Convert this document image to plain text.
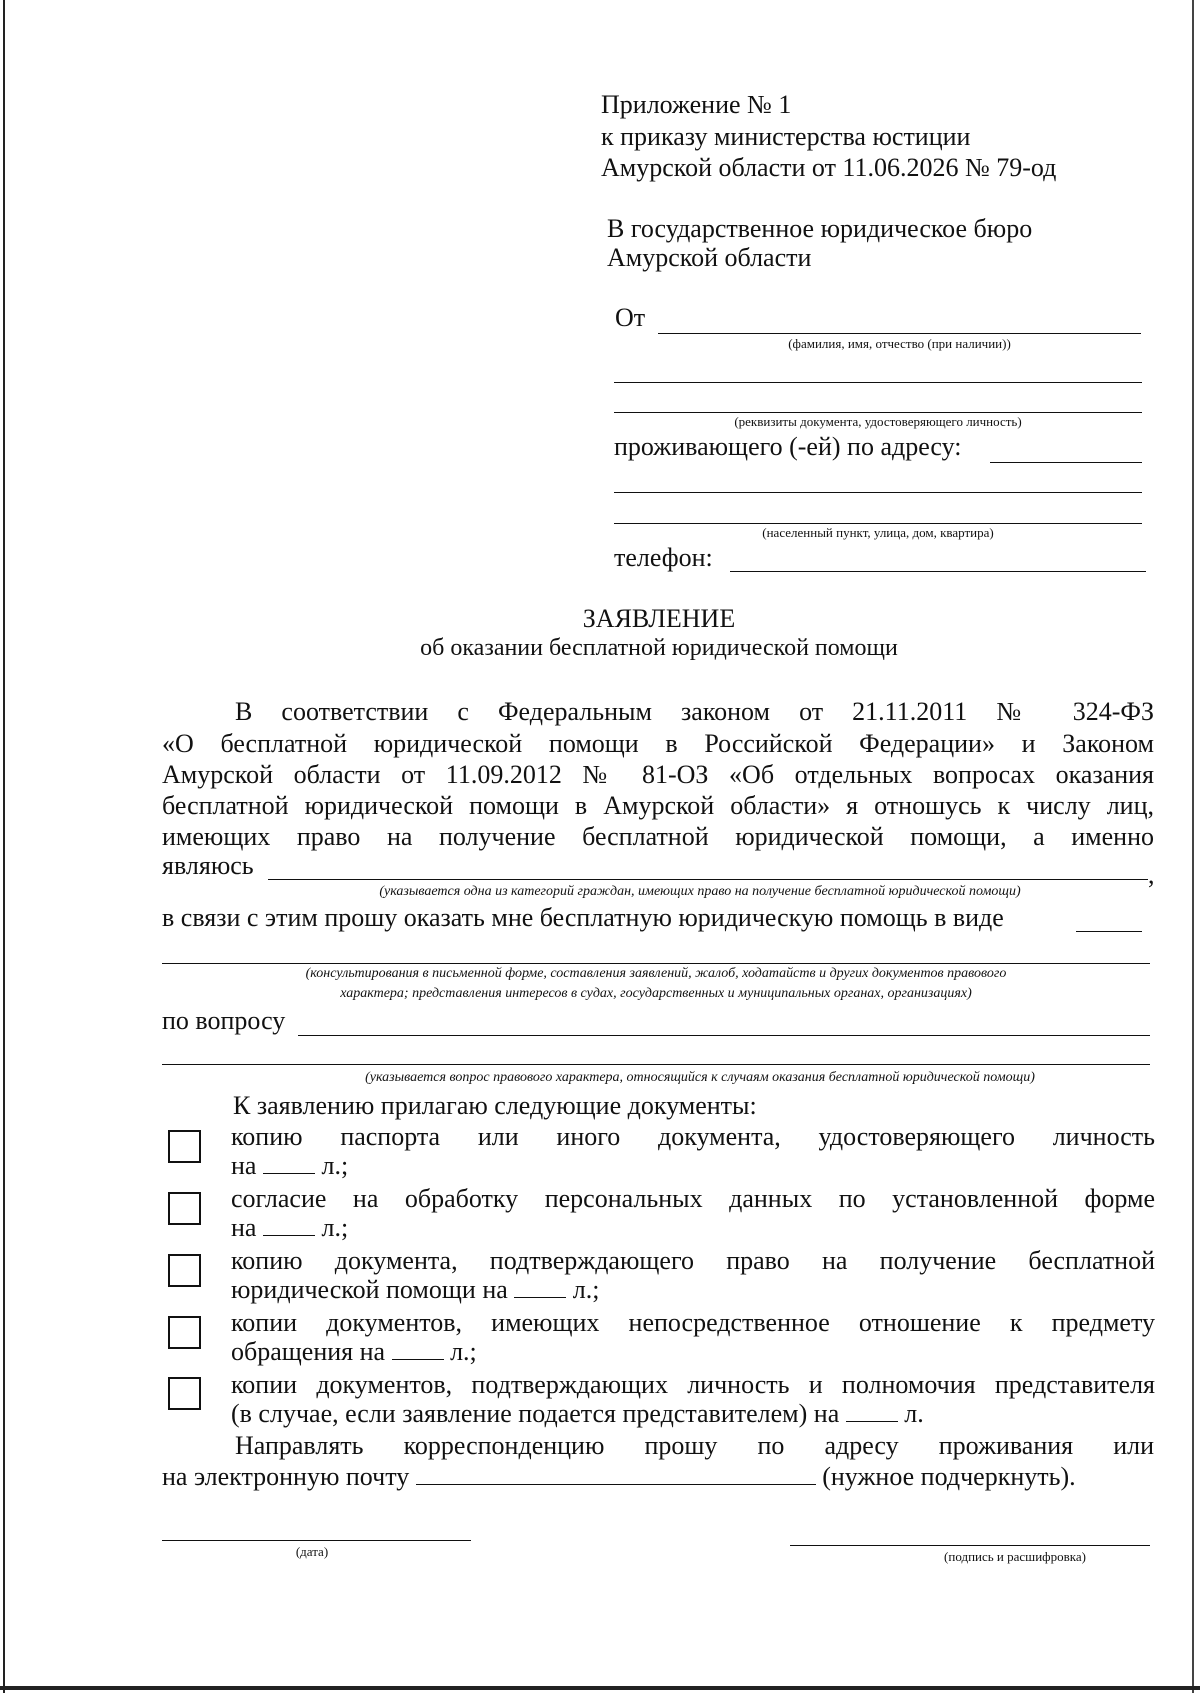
Приложение № 1
к приказу министерства юстиции
Амурской области от 11.06.2026 № 79-од
В государственное юридическое бюро
Амурской области
От
(фамилия, имя, отчество (при наличии))
(реквизиты документа, удостоверяющего личность)
проживающего (-ей) по адресу:
(населенный пункт, улица, дом, квартира)
телефон:
ЗАЯВЛЕНИЕ
об оказании бесплатной юридической помощи
В соответствии с Федеральным законом от 21.11.2011 № 324-ФЗ
«О бесплатной юридической помощи в Российской Федерации» и Законом
Амурской области от 11.09.2012 № 81-ОЗ «Об отдельных вопросах оказания
бесплатной юридической помощи в Амурской области» я отношусь к числу лиц,
имеющих право на получение бесплатной юридической помощи, а именно
являюсь	,
(указывается одна из категорий граждан, имеющих право на получение бесплатной юридической помощи)
в связи с этим прошу оказать мне бесплатную юридическую помощь в виде
(консультирования в письменной форме, составления заявлений, жалоб, ходатайств и других документов правового
характера; представления интересов в судах, государственных и муниципальных органах, организациях)
по вопросу
(указывается вопрос правового характера, относящийся к случаям оказания бесплатной юридической помощи)
К заявлению прилагаю следующие документы:
копию паспорта или иного документа, удостоверяющего личность
на	л.;
согласие на обработку персональных данных по установленной форме
на	л.;
копию документа, подтверждающего право на получение бесплатной
юридической помощи на	л.;
копии документов, имеющих непосредственное отношение к предмету
обращения на	л.;
копии документов, подтверждающих личность и полномочия представителя
(в случае, если заявление подается представителем) на	л.
Направлять корреспонденцию прошу по адресу проживания или
на электронную почту	(нужное подчеркнуть).
(дата)	(подпись и расшифровка)
